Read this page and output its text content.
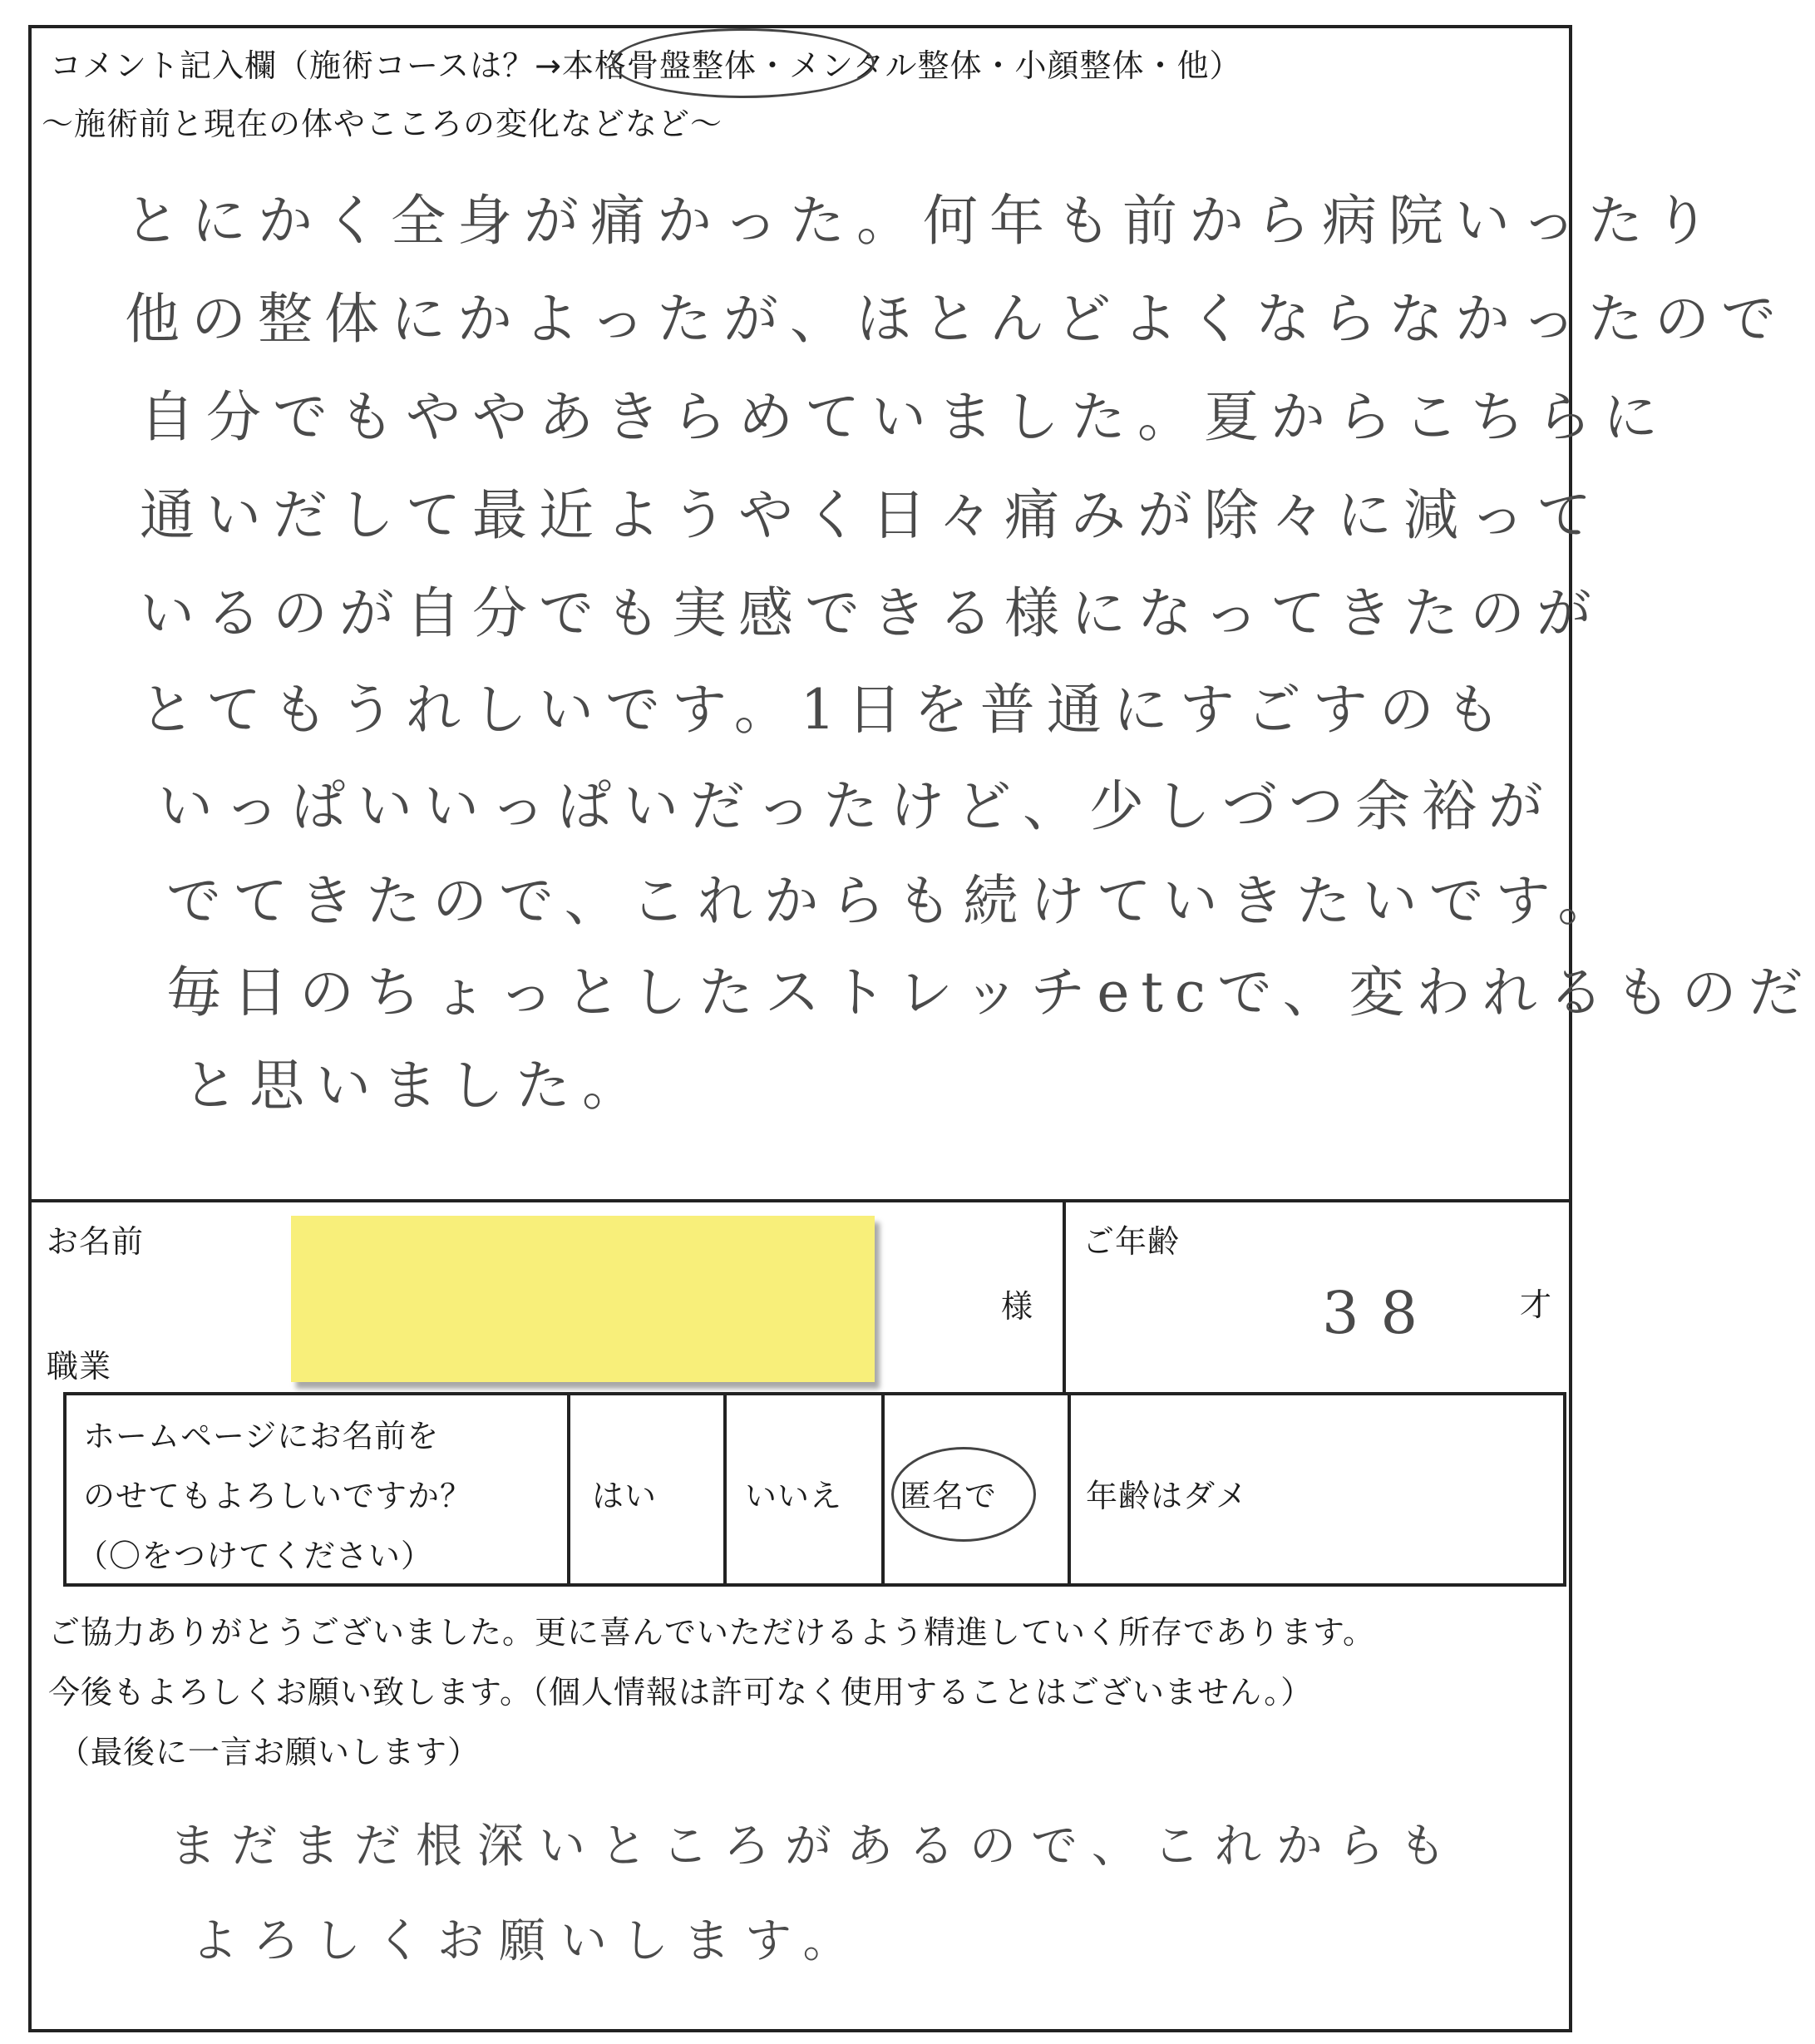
コメント記入欄（施術コースは？→本格骨盤整体・メンタル整体・小顔整体・他）
～施術前と現在の体やこころの変化などなど～
とにかく全身が痛かった。何年も前から病院いったり
他の整体にかよったが、ほとんどよくならなかったので
自分でもややあきらめていました。夏からこちらに
通いだして最近ようやく日々痛みが除々に減って
いるのが自分でも実感できる様になってきたのが
とてもうれしいです。1日を普通にすごすのも
いっぱいいっぱいだったけど、少しづつ余裕が
でてきたので、これからも続けていきたいです。
毎日のちょっとしたストレッチetcで、変われるものだ
と思いました。
お名前
様
職業
ご年齢
38	才
ホームページにお名前を
のせてもよろしいですか？
（〇をつけてください）
はい	いいえ 匿名で	年齢はダメ
ご協力ありがとうございました。更に喜んでいただけるよう精進していく所存であります。
今後もよろしくお願い致します。（個人情報は許可なく使用することはございません。）
（最後に一言お願いします）
まだまだ根深いところがあるので、これからも
よろしくお願いします。
